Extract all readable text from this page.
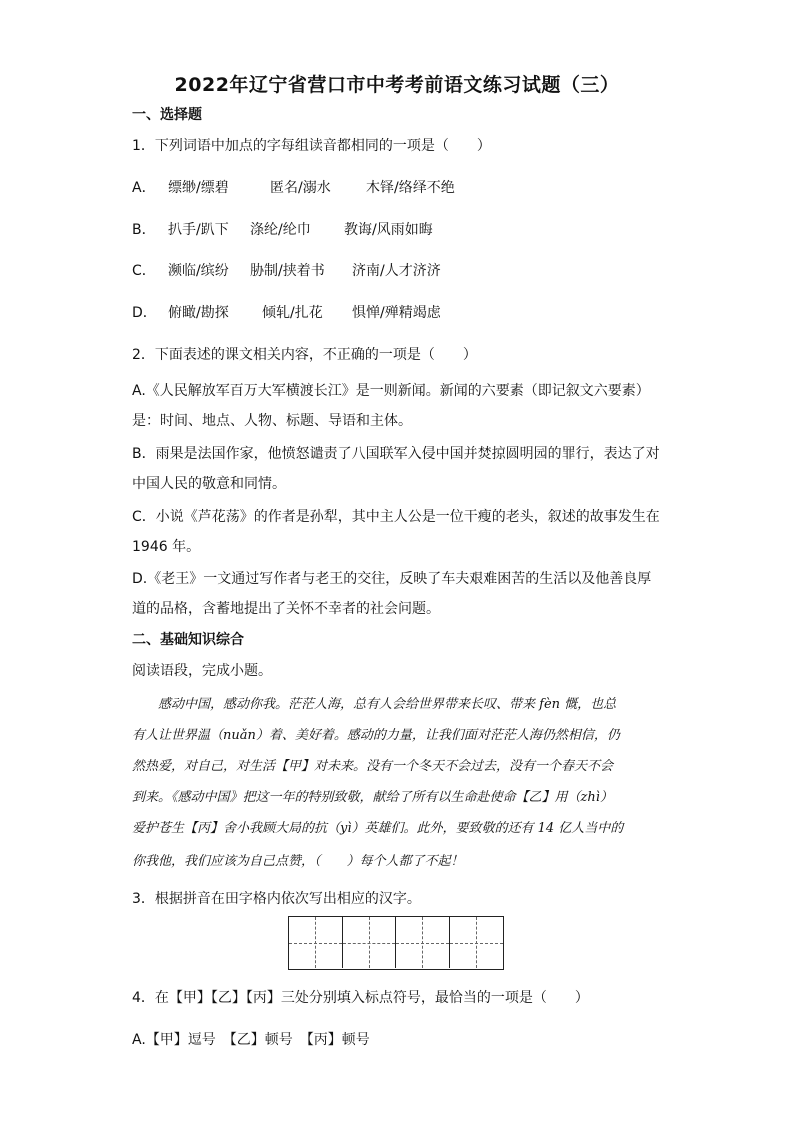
2022年辽宁省营口市中考考前语文练习试题（三）
一、选择题
1．下列词语中加点的字每组读音都相同的一项是（　　）
A． 缥缈/缥碧	匿名/溺水	木铎/络绎不绝
B． 扒手/趴下 涤纶/纶巾 教诲/风雨如晦
C． 濒临/缤纷 胁制/挟着书 济南/人才济济
D． 俯瞰/勘探 倾轧/扎花 惧惮/殚精竭虑
2．下面表述的课文相关内容，不正确的一项是（　　）
A.《人民解放军百万大军横渡长江》是一则新闻。新闻的六要素（即记叙文六要素）
是：时间、地点、人物、标题、导语和主体。
B．雨果是法国作家，他愤怒谴责了八国联军入侵中国并焚掠圆明园的罪行，表达了对
中国人民的敬意和同情。
C．小说《芦花荡》的作者是孙犁，其中主人公是一位干瘦的老头，叙述的故事发生在
1946 年。
D.《老王》一文通过写作者与老王的交往，反映了车夫艰难困苦的生活以及他善良厚
道的品格，含蓄地提出了关怀不幸者的社会问题。
二、基础知识综合
阅读语段，完成小题。
　　感动中国，感动你我。茫茫人海，总有人会给世界带来长叹、带来 fèn 慨，也总
有人让世界温（nuǎn）着、美好着。感动的力量，让我们面对茫茫人海仍然相信，仍
然热爱，对自己，对生活【甲】对未来。没有一个冬天不会过去，没有一个春天不会
到来。《感动中国》把这一年的特别致敬，献给了所有以生命赴使命【乙】用（zhì）
爱护苍生【丙】舍小我顾大局的抗（yì）英雄们。此外，要致敬的还有 14 亿人当中的
你我他，我们应该为自己点赞，（　　）每个人都了不起！
3．根据拼音在田字格内依次写出相应的汉字。
4．在【甲】【乙】【丙】三处分别填入标点符号，最恰当的一项是（　　）
A.【甲】逗号　【乙】顿号　【丙】顿号
